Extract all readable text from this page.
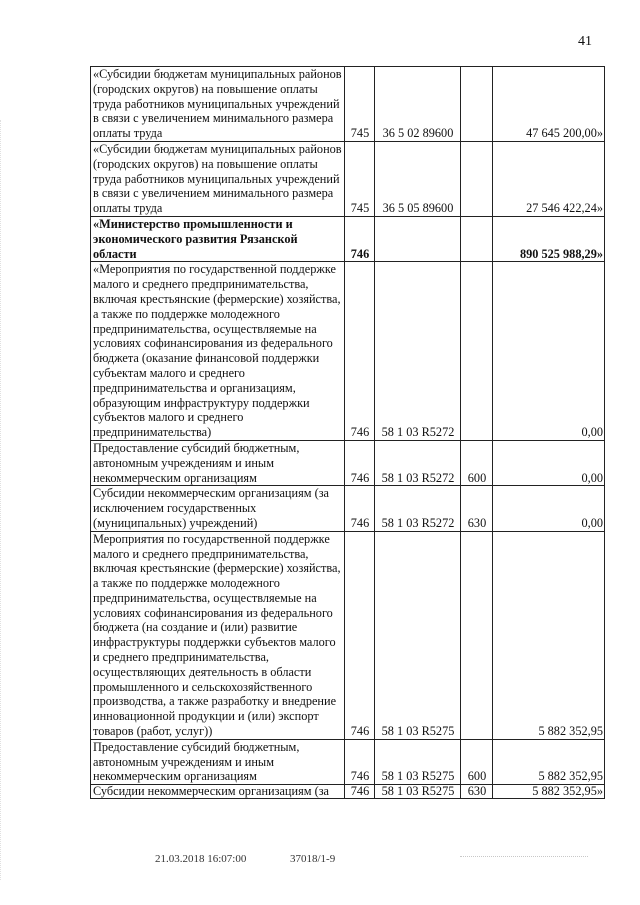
41
«Субсидии бюджетам муниципальных районов (городских округов) на повышение оплаты труда работников муниципальных учреждений в связи с увеличением минимального размера оплаты труда	745	36 5 02 89600		47 645 200,00»
«Субсидии бюджетам муниципальных районов (городских округов) на повышение оплаты труда работников муниципальных учреждений в связи с увеличением минимального размера оплаты труда	745	36 5 05 89600		27 546 422,24»
«Министерство промышленности и экономического развития Рязанской области	746			890 525 988,29»
«Мероприятия по государственной поддержке малого и среднего предпринимательства, включая крестьянские (фермерские) хозяйства, а также по поддержке молодежного предпринимательства, осуществляемые на условиях софинансирования из федерального бюджета (оказание финансовой поддержки субъектам малого и среднего предпринимательства и организациям, образующим инфраструктуру поддержки субъектов малого и среднего предпринимательства)	746	58 1 03 R5272		0,00
Предоставление субсидий бюджетным, автономным учреждениям и иным некоммерческим организациям	746	58 1 03 R5272	600	0,00
Субсидии некоммерческим организациям (за исключением государственных (муниципальных) учреждений)	746	58 1 03 R5272	630	0,00
Мероприятия по государственной поддержке малого и среднего предпринимательства, включая крестьянские (фермерские) хозяйства, а также по поддержке молодежного предпринимательства, осуществляемые на условиях софинансирования из федерального бюджета (на создание и (или) развитие инфраструктуры поддержки субъектов малого и среднего предпринимательства, осуществляющих деятельность в области промышленного и сельскохозяйственного производства, а также разработку и внедрение инновационной продукции и (или) экспорт товаров (работ, услуг))	746	58 1 03 R5275		5 882 352,95
Предоставление субсидий бюджетным, автономным учреждениям и иным некоммерческим организациям	746	58 1 03 R5275	600	5 882 352,95
Субсидии некоммерческим организациям (за	746	58 1 03 R5275	630	5 882 352,95»
21.03.2018 16:07:00	37018/1-9
